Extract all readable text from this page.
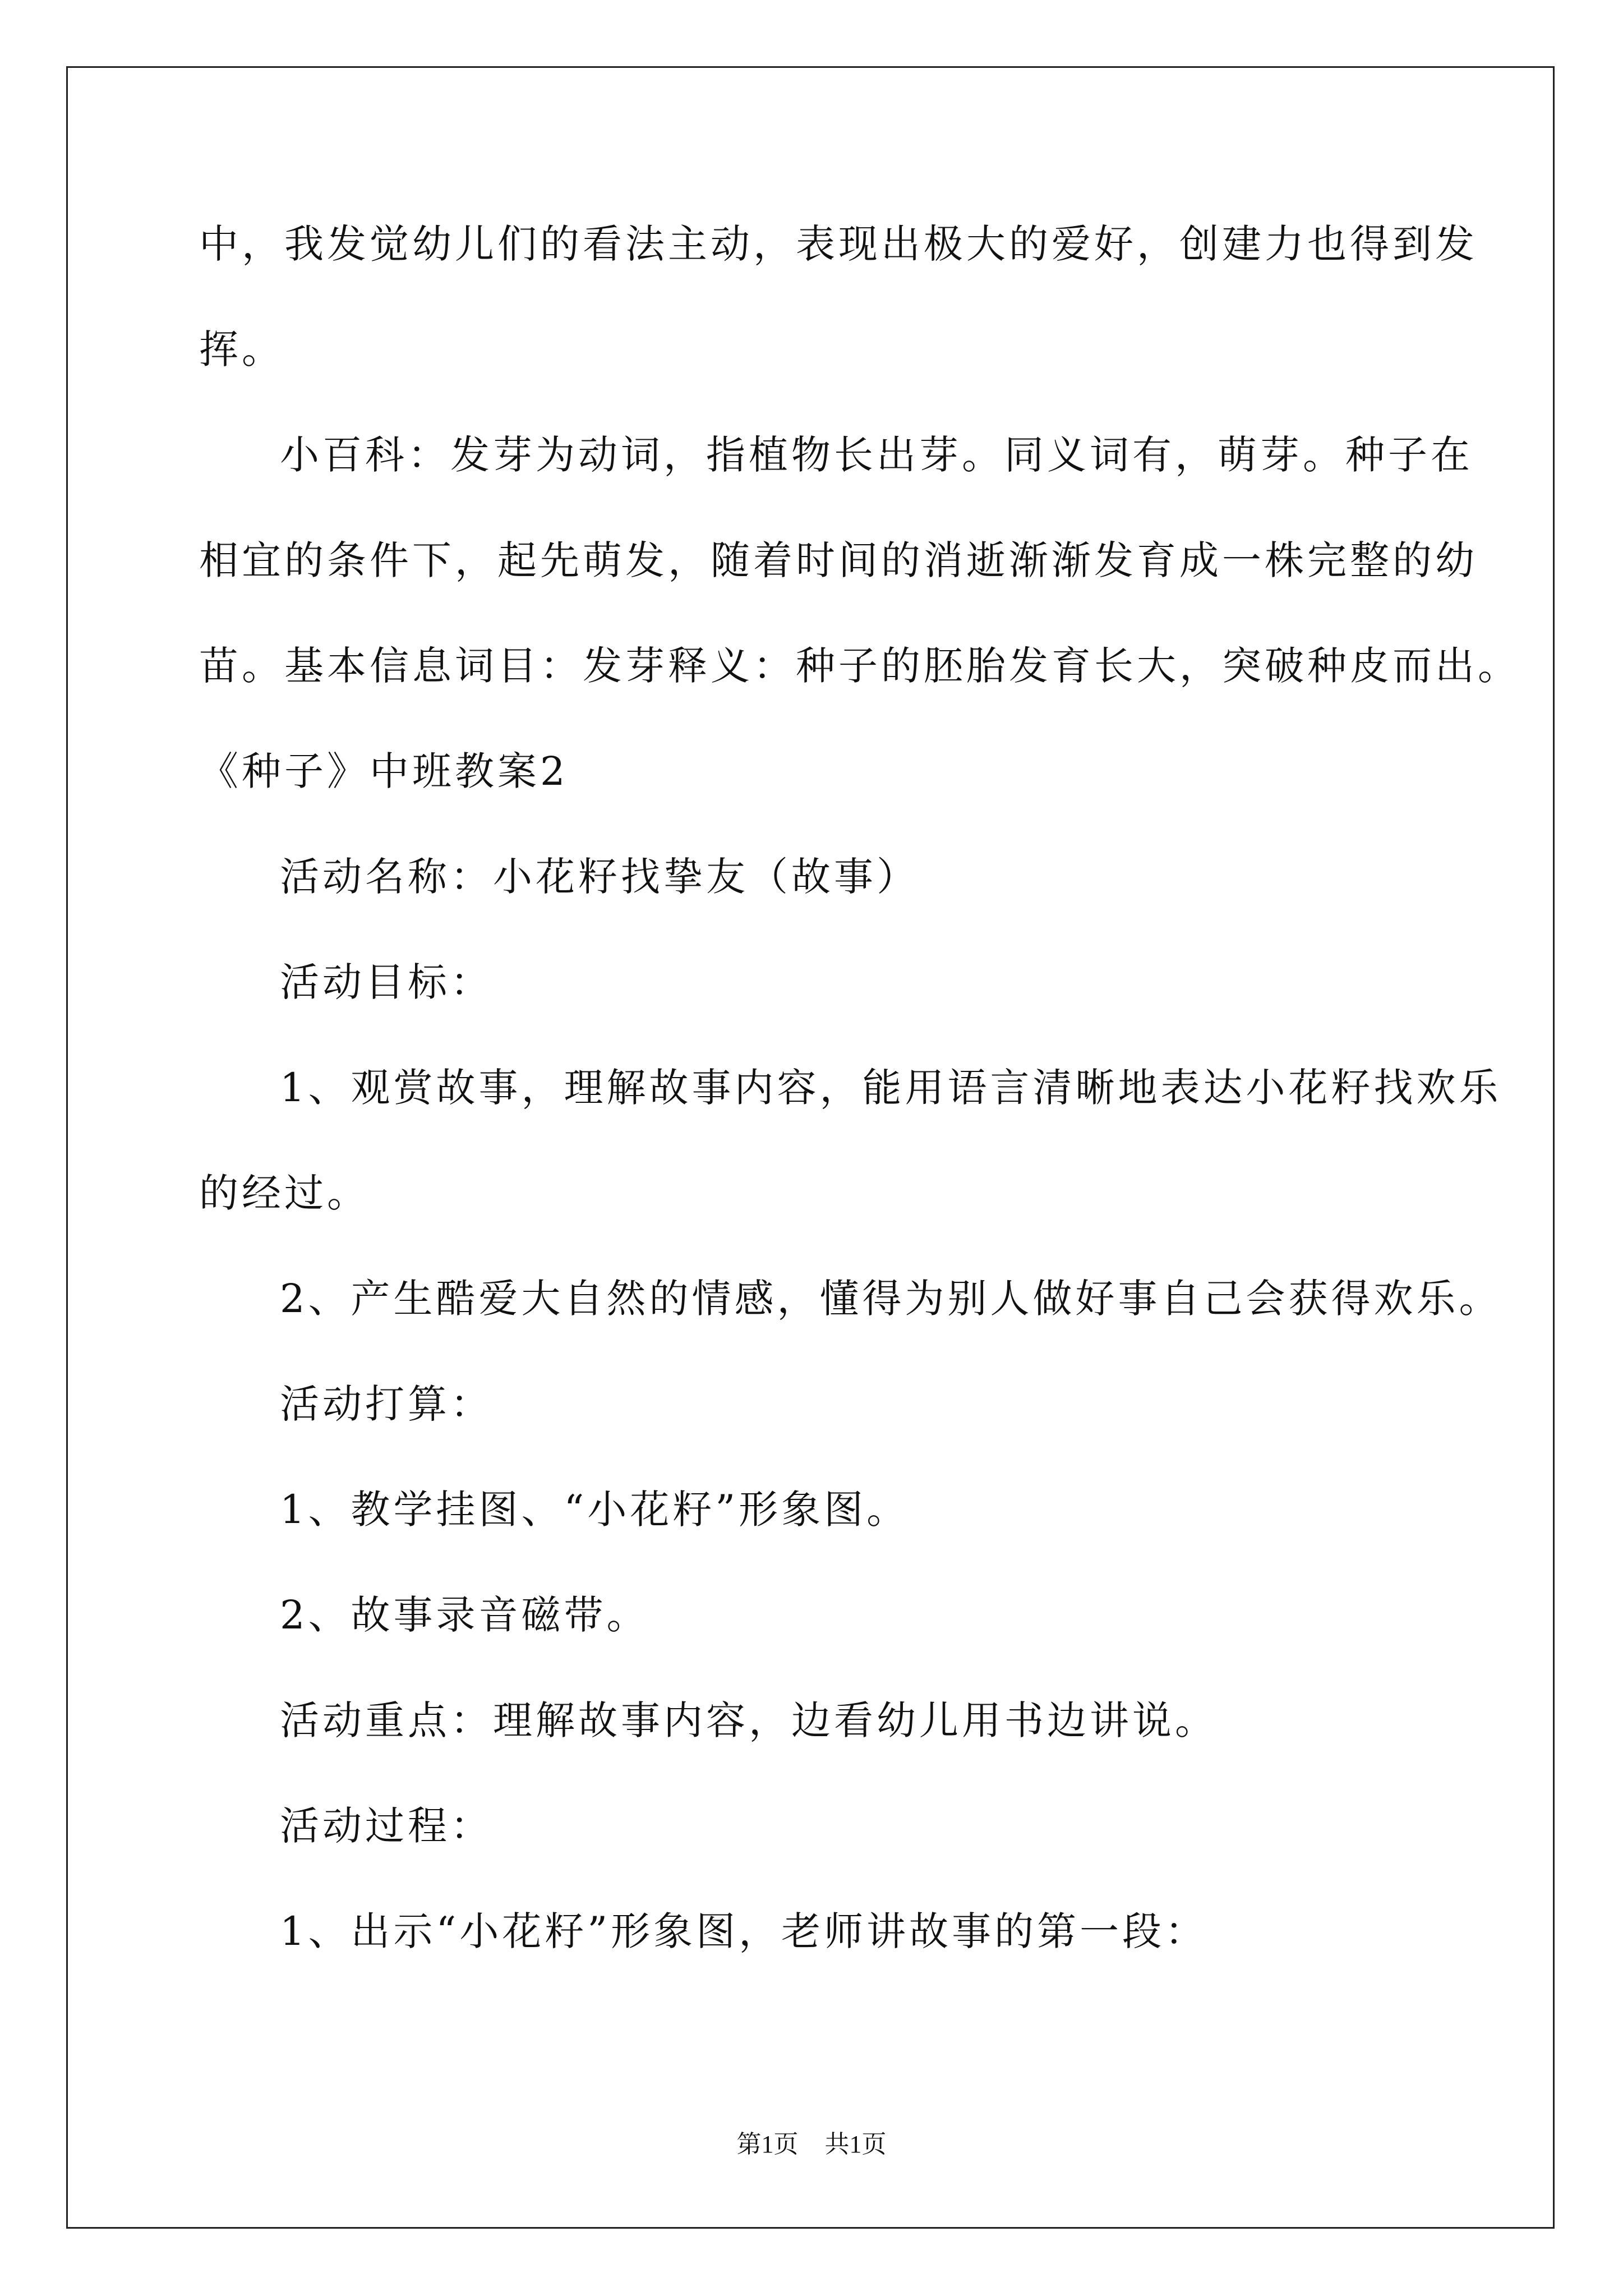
中，我发觉幼儿们的看法主动，表现出极大的爱好，创建力也得到发
挥。
小百科：发芽为动词，指植物长出芽。同义词有，萌芽。种子在
相宜的条件下，起先萌发，随着时间的消逝渐渐发育成一株完整的幼
苗。基本信息词目：发芽释义：种子的胚胎发育长大，突破种皮而出。
《种子》中班教案2
活动名称：小花籽找挚友（故事）
活动目标：
1、观赏故事，理解故事内容，能用语言清晰地表达小花籽找欢乐
的经过。
2、产生酷爱大自然的情感，懂得为别人做好事自己会获得欢乐。
活动打算：
1、教学挂图、“小花籽”形象图。
2、故事录音磁带。
活动重点：理解故事内容，边看幼儿用书边讲说。
活动过程：
1、出示“小花籽”形象图，老师讲故事的第一段：
第1页 共1页
